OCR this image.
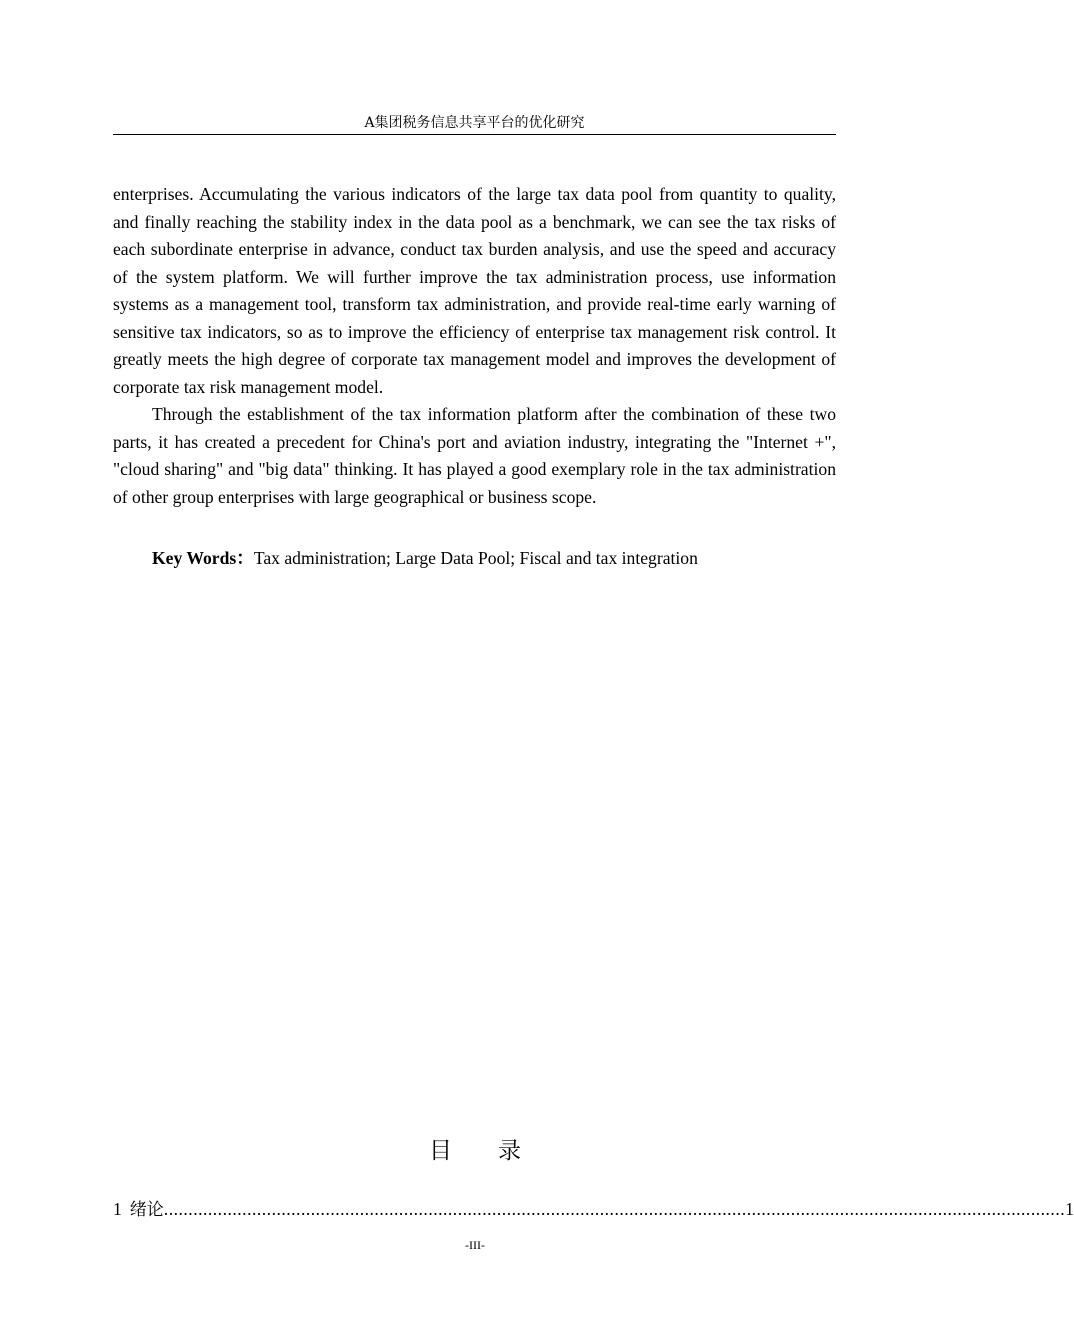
A集团税务信息共享平台的优化研究

enterprises. Accumulating the various indicators of the large tax data pool from quantity to quality, and finally reaching the stability index in the data pool as a benchmark, we can see the tax risks of each subordinate enterprise in advance, conduct tax burden analysis, and use the speed and accuracy of the system platform. We will further improve the tax administration process, use information systems as a management tool, transform tax administration, and provide real-time early warning of sensitive tax indicators, so as to improve the efficiency of enterprise tax management risk control. It greatly meets the high degree of corporate tax management model and improves the development of corporate tax risk management model.

Through the establishment of the tax information platform after the combination of these two parts, it has created a precedent for China's port and aviation industry, integrating the "Internet +", "cloud sharing" and "big data" thinking. It has played a good exemplary role in the tax administration of other group enterprises with large geographical or business scope.

Key Words：Tax administration; Large Data Pool; Fiscal and tax integration
目 录
1 绪论 ........................................................................................................................................................................................ 1
-III-
